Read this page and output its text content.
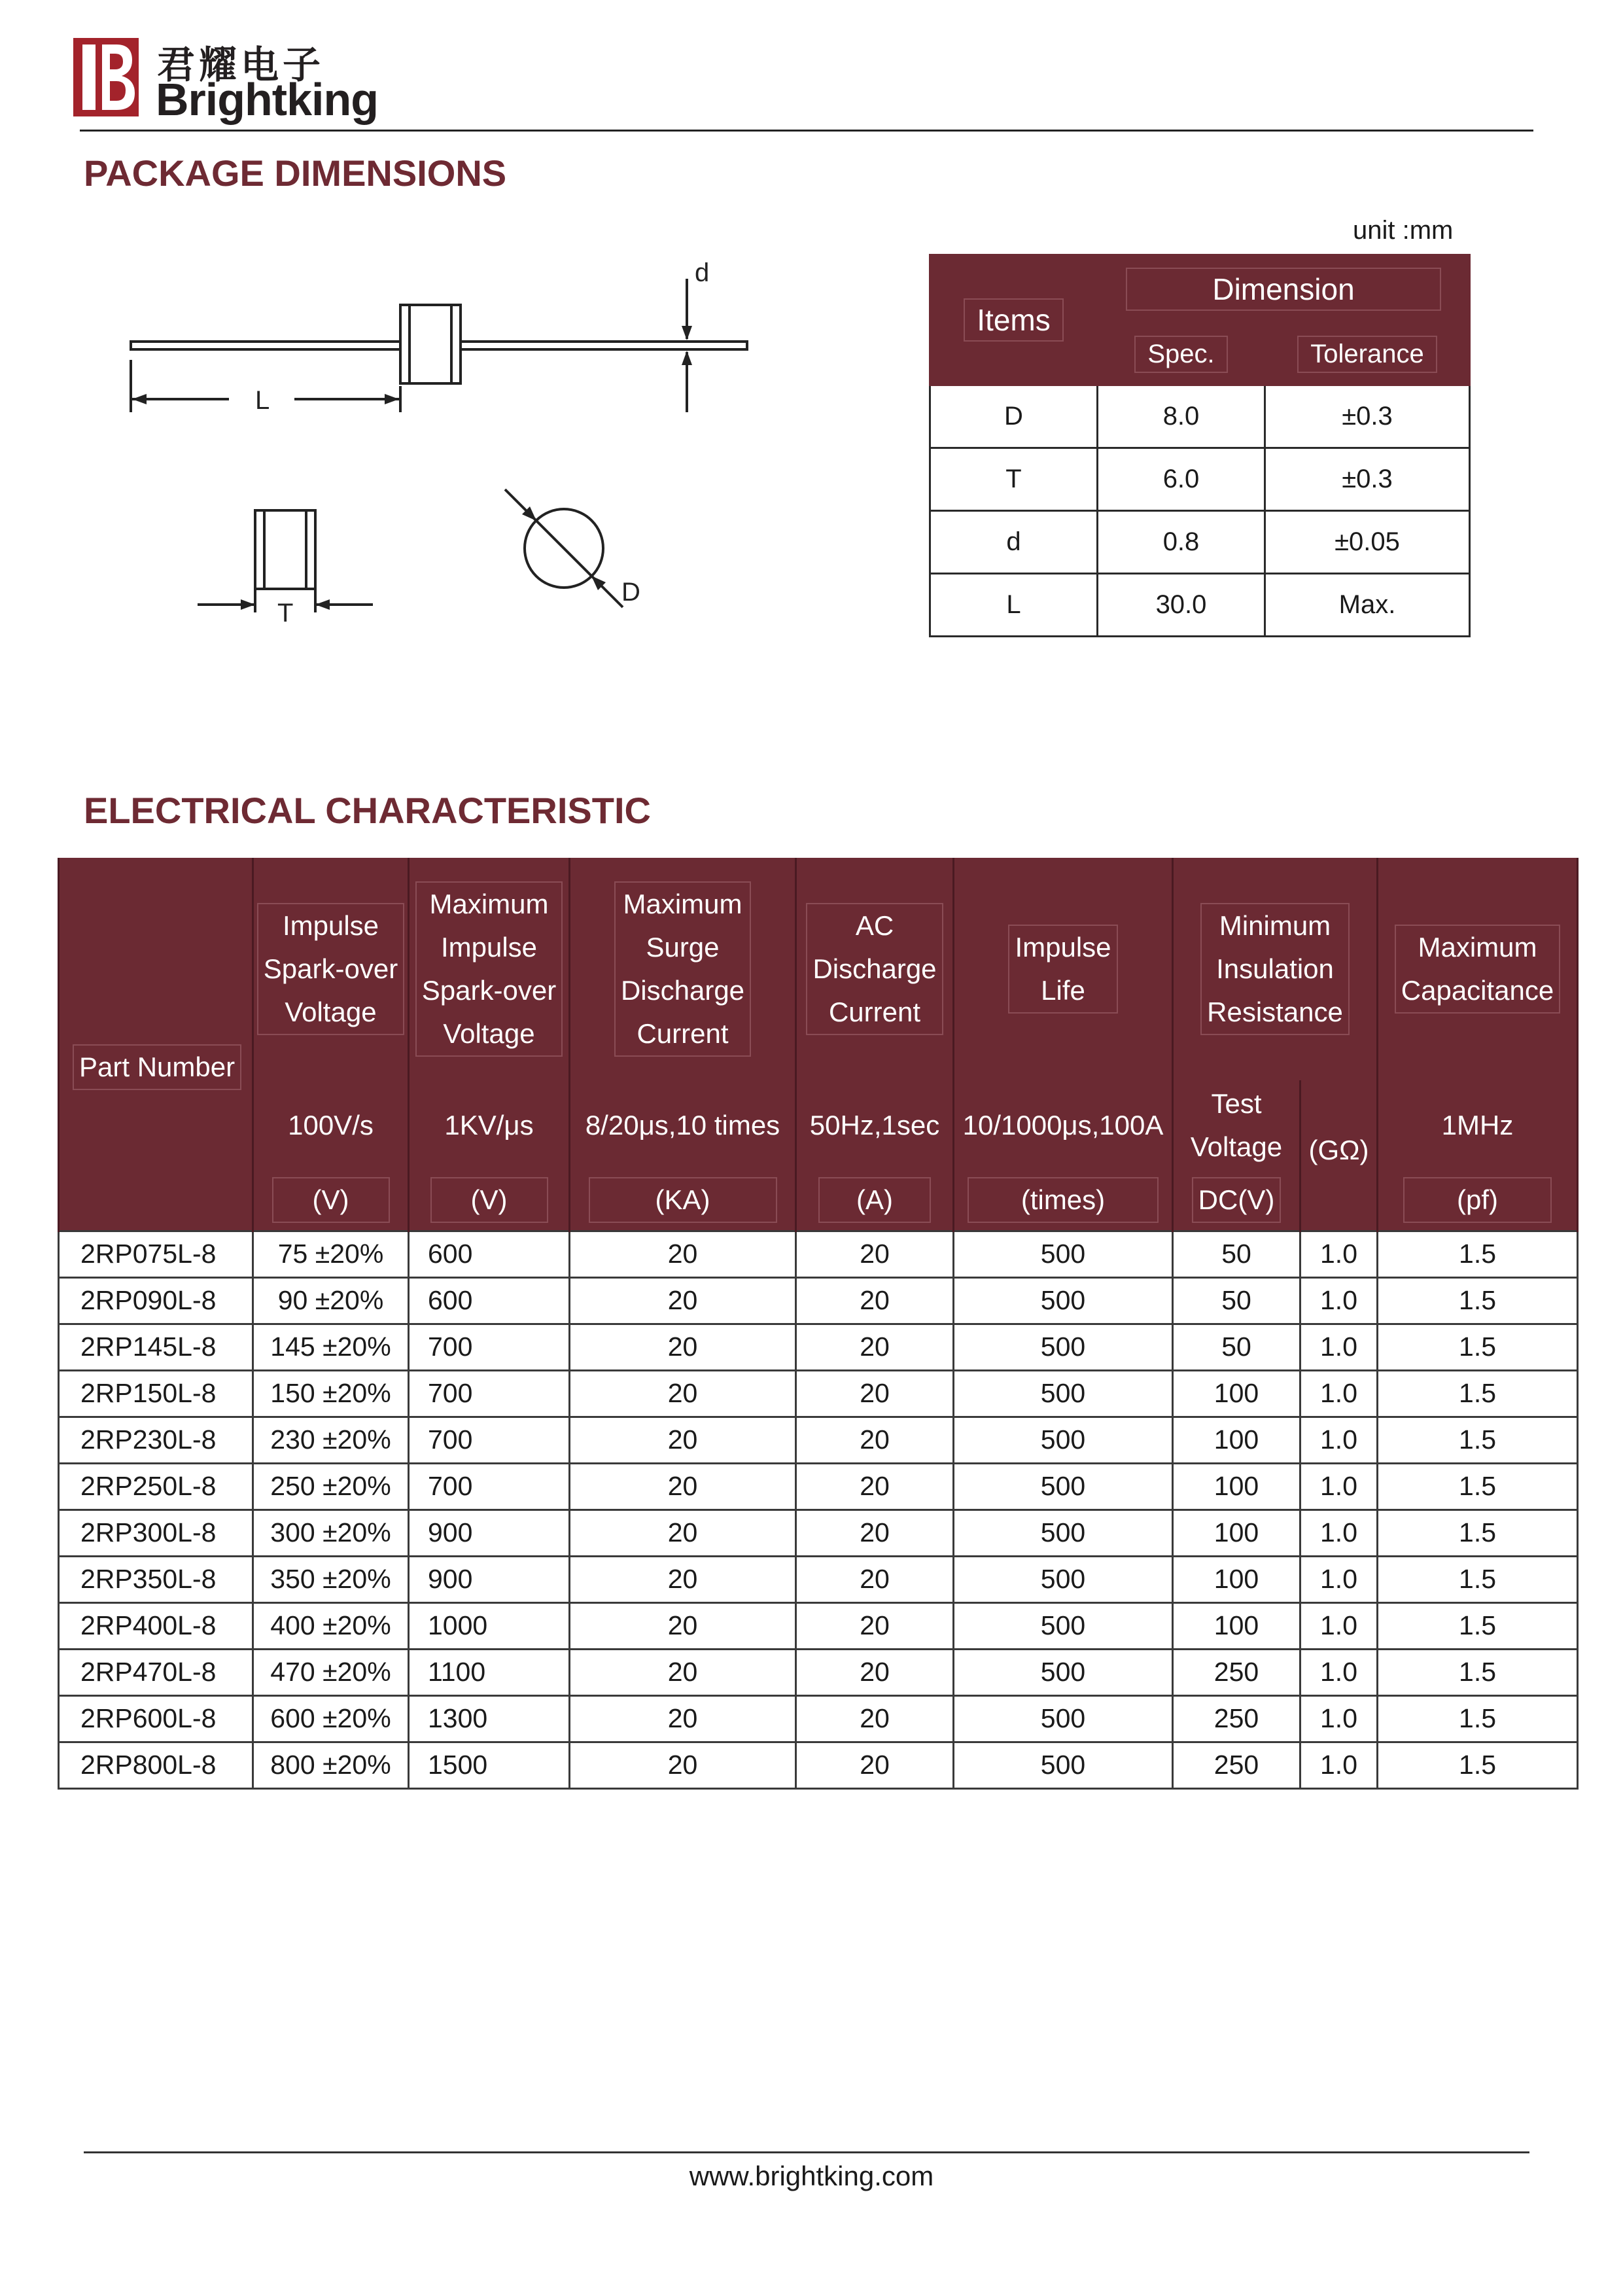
君耀电子
Brightking
PACKAGE DIMENSIONS
unit :mm
L
d
T
D
Items	Dimension	
	Spec.	Tolerance
D	8.0	±0.3
T	6.0	±0.3
d	0.8	±0.05
L	30.0	Max.
ELECTRICAL CHARACTERISTIC
Part Number	Impulse
Spark-over
Voltage	Maximum
Impulse
Spark-over
Voltage	Maximum
Surge
Discharge
Current	AC
Discharge
Current	Impulse
Life	Minimum
Insulation
Resistance		Maximum
Capacitance
	100V/s	1KV/μs	8/20μs,10 times	50Hz,1sec	10/1000μs,100A	Test
Voltage	(GΩ)	1MHz
	(V)	(V)	(KA)	(A)	(times)	DC(V)		(pf)
2RP075L-8	75 ±20%	600	20	20	500	50	1.0	1.5
2RP090L-8	90 ±20%	600	20	20	500	50	1.0	1.5
2RP145L-8	145 ±20%	700	20	20	500	50	1.0	1.5
2RP150L-8	150 ±20%	700	20	20	500	100	1.0	1.5
2RP230L-8	230 ±20%	700	20	20	500	100	1.0	1.5
2RP250L-8	250 ±20%	700	20	20	500	100	1.0	1.5
2RP300L-8	300 ±20%	900	20	20	500	100	1.0	1.5
2RP350L-8	350 ±20%	900	20	20	500	100	1.0	1.5
2RP400L-8	400 ±20%	1000	20	20	500	100	1.0	1.5
2RP470L-8	470 ±20%	1100	20	20	500	250	1.0	1.5
2RP600L-8	600 ±20%	1300	20	20	500	250	1.0	1.5
2RP800L-8	800 ±20%	1500	20	20	500	250	1.0	1.5
www.brightking.com
